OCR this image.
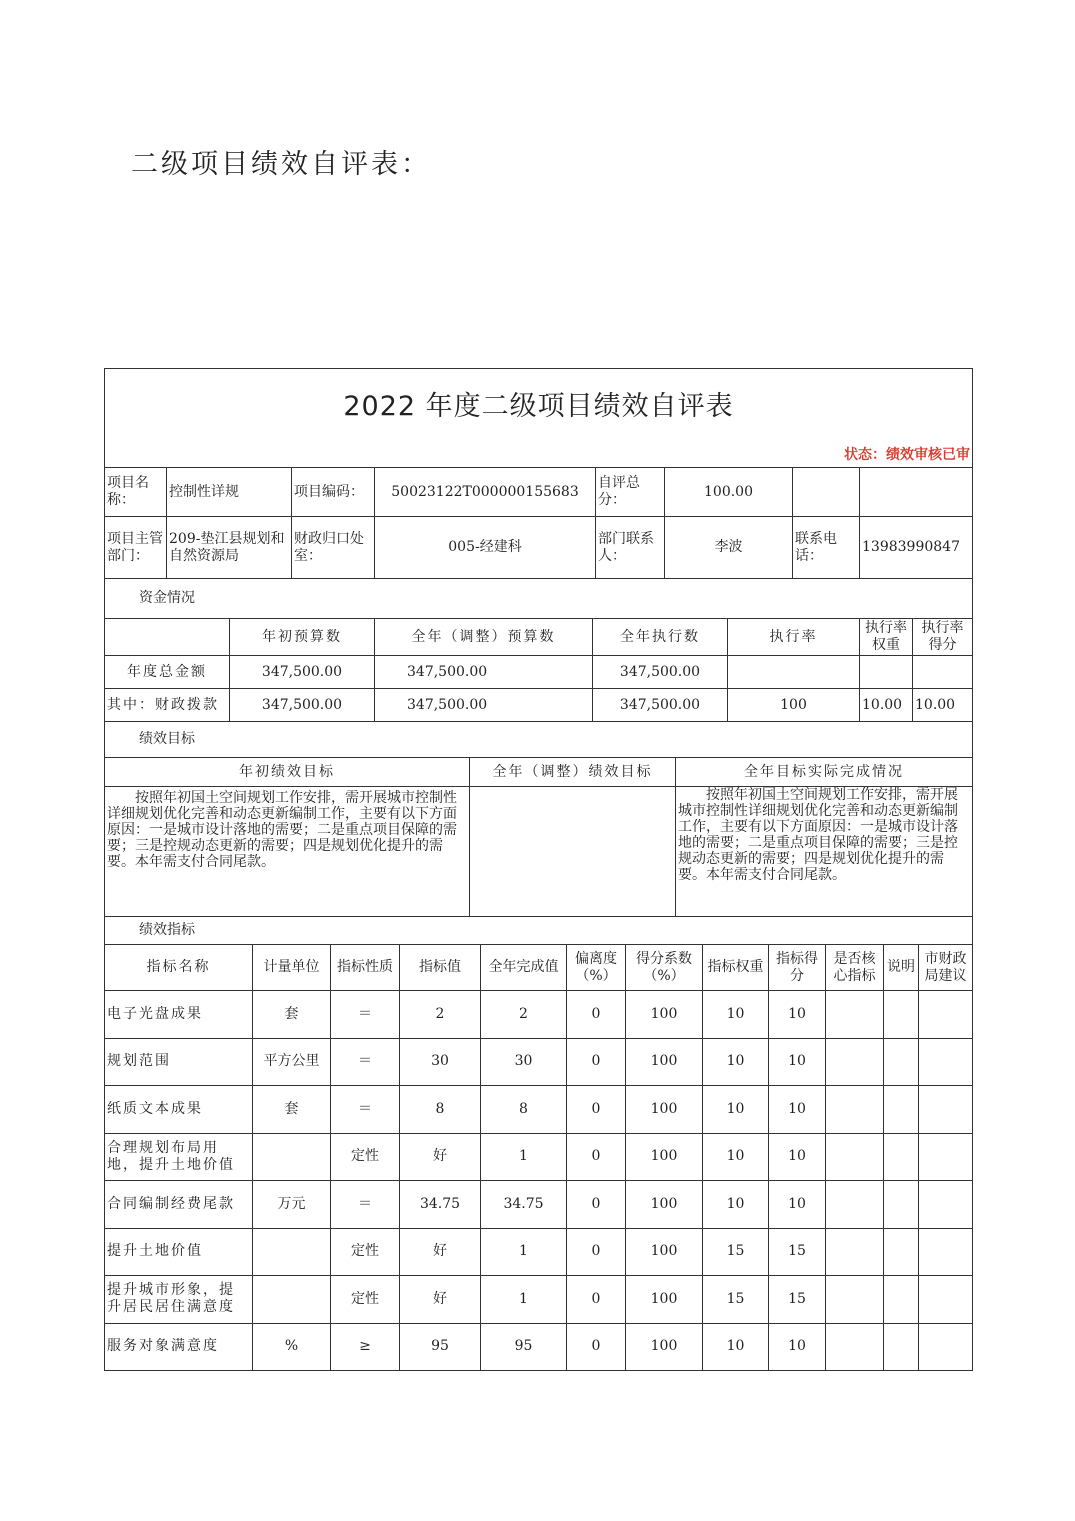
二级项目绩效自评表：
2022 年度二级项目绩效自评表							
状态：绩效审核已审							
项目名称：	控制性详规	项目编码：	50023122T000000155683	自评总分：	100.00		
项目主管部门：	209-垫江县规划和自然资源局	财政归口处室：	005-经建科	部门联系人：	李波	联系电话：	13983990847
资金情况							
	年初预算数	全年（调整）预算数	全年执行数	执行率	执行率权重	执行率得分
年度总金额	347,500.00	347,500.00	347,500.00			
其中：财政拨款	347,500.00	347,500.00	347,500.00	100	10.00	10.00
绩效目标						
年初绩效目标	全年（调整）绩效目标	全年目标实际完成情况
按照年初国土空间规划工作安排，需开展城市控制性详细规划优化完善和动态更新编制工作，主要有以下方面原因：一是城市设计落地的需要；二是重点项目保障的需要；三是控规动态更新的需要；四是规划优化提升的需要。本年需支付合同尾款。		按照年初国土空间规划工作安排，需开展城市控制性详细规划优化完善和动态更新编制工作，主要有以下方面原因：一是城市设计落地的需要；二是重点项目保障的需要；三是控规动态更新的需要；四是规划优化提升的需要。本年需支付合同尾款。
绩效指标		
指标名称	计量单位	指标性质	指标值	全年完成值	偏离度（%）	得分系数（%）	指标权重	指标得分	是否核心指标	说明	市财政局建议
电子光盘成果	套	＝	2	2	0	100	10	10			
规划范围	平方公里	＝	30	30	0	100	10	10			
纸质文本成果	套	＝	8	8	0	100	10	10			
合理规划布局用地，提升土地价值		定性	好	1	0	100	10	10			
合同编制经费尾款	万元	＝	34.75	34.75	0	100	10	10			
提升土地价值		定性	好	1	0	100	15	15			
提升城市形象，提升居民居住满意度		定性	好	1	0	100	15	15			
服务对象满意度	%	≥	95	95	0	100	10	10			
